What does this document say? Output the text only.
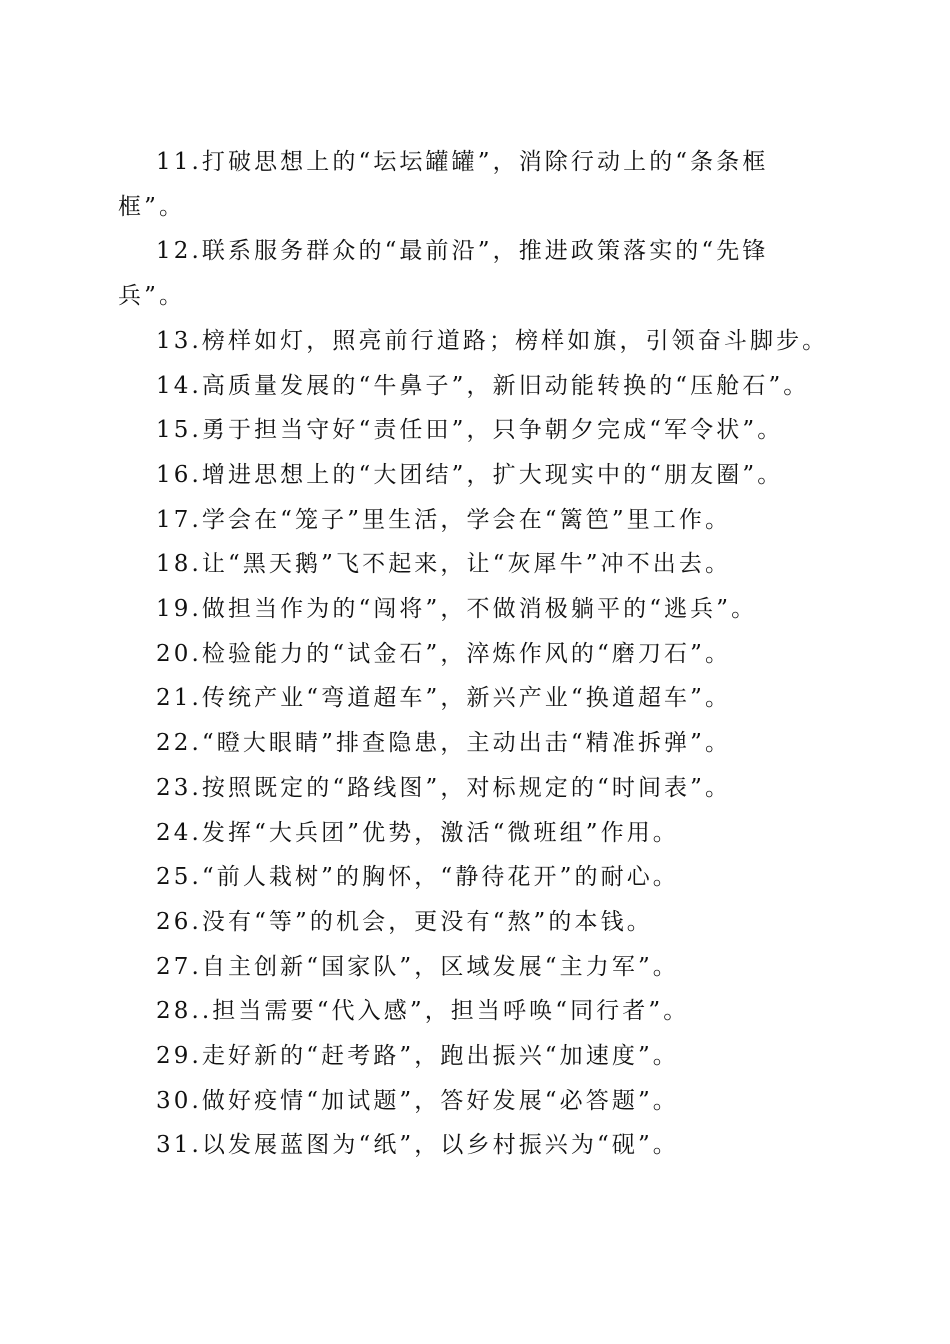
11.打破思想上的“坛坛罐罐”，消除行动上的“条条框框”。

12.联系服务群众的“最前沿”，推进政策落实的“先锋兵”。

13.榜样如灯，照亮前行道路；榜样如旗，引领奋斗脚步。

14.高质量发展的“牛鼻子”，新旧动能转换的“压舱石”。

15.勇于担当守好“责任田”，只争朝夕完成“军令状”。

16.增进思想上的“大团结”，扩大现实中的“朋友圈”。

17.学会在“笼子”里生活，学会在“篱笆”里工作。

18.让“黑天鹅”飞不起来，让“灰犀牛”冲不出去。

19.做担当作为的“闯将”，不做消极躺平的“逃兵”。

20.检验能力的“试金石”，淬炼作风的“磨刀石”。

21.传统产业“弯道超车”，新兴产业“换道超车”。

22.“瞪大眼睛”排查隐患，主动出击“精准拆弹”。

23.按照既定的“路线图”，对标规定的“时间表”。

24.发挥“大兵团”优势，激活“微班组”作用。

25.“前人栽树”的胸怀，“静待花开”的耐心。

26.没有“等”的机会，更没有“熬”的本钱。

27.自主创新“国家队”，区域发展“主力军”。

28..担当需要“代入感”，担当呼唤“同行者”。

29.走好新的“赶考路”，跑出振兴“加速度”。

30.做好疫情“加试题”，答好发展“必答题”。

31.以发展蓝图为“纸”，以乡村振兴为“砚”。
